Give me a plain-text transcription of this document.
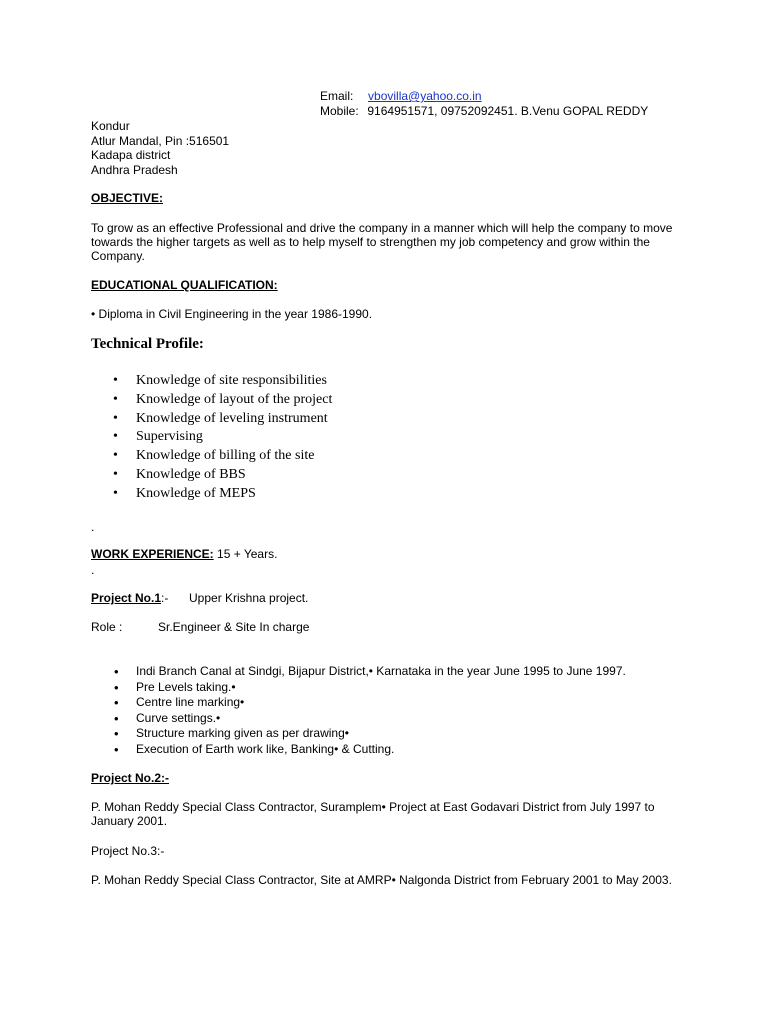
Email: vbovilla@yahoo.co.in
Mobile: 9164951571, 09752092451. B.Venu GOPAL REDDY
Kondur
Atlur Mandal, Pin :516501
Kadapa district
Andhra Pradesh
OBJECTIVE:
To grow as an effective Professional and drive the company in a manner which will help the company to move towards the higher targets as well as to help myself to strengthen my job competency and grow within the Company.
EDUCATIONAL QUALIFICATION:
• Diploma in Civil Engineering in the year 1986-1990.
Technical Profile:
• Knowledge of site responsibilities
• Knowledge of layout of the project
• Knowledge of leveling instrument
• Supervising
• Knowledge of billing of the site
• Knowledge of BBS
• Knowledge of MEPS
.
WORK EXPERIENCE: 15 + Years.
.
Project No.1:- Upper Krishna project.
Role :	Sr.Engineer & Site In charge
• Indi Branch Canal at Sindgi, Bijapur District,• Karnataka in the year June 1995 to June 1997.
• Pre Levels taking.•
• Centre line marking•
• Curve settings.•
• Structure marking given as per drawing•
• Execution of Earth work like, Banking• & Cutting.
Project No.2:-
P. Mohan Reddy Special Class Contractor, Suramplem• Project at East Godavari District from July 1997 to January 2001.
Project No.3:-
P. Mohan Reddy Special Class Contractor, Site at AMRP• Nalgonda District from February 2001 to May 2003.
